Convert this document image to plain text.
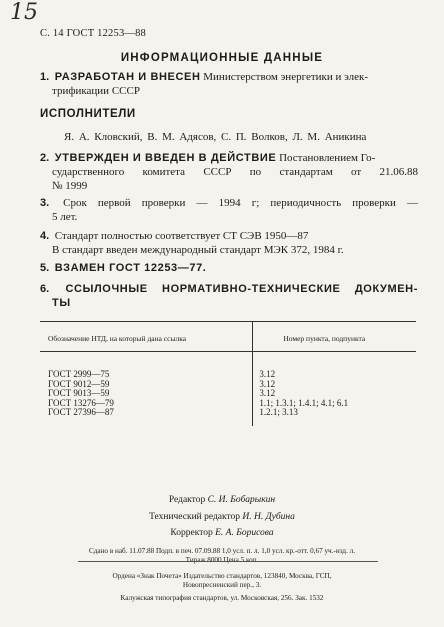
15
С. 14 ГОСТ 12253—88
ИНФОРМАЦИОННЫЕ ДАННЫЕ
1. РАЗРАБОТАН И ВНЕСЕН Министерством энергетики и элек-
трификации СССР
ИСПОЛНИТЕЛИ
Я. А. Кловский, В. М. Адясов, С. П. Волков, Л. М. Аникина
2. УТВЕРЖДЕН И ВВЕДЕН В ДЕЙСТВИЕ Постановлением Го-
сударственного комитета СССР по стандартам от 21.06.88
№ 1999
3. Срок первой проверки — 1994 г; периодичность проверки —
5 лет.
4. Стандарт полностью соответствует СТ СЭВ 1950—87
В стандарт введен международный стандарт МЭК 372, 1984 г.
5. ВЗАМЕН ГОСТ 12253—77.
6. ССЫЛОЧНЫЕ НОРМАТИВНО-ТЕХНИЧЕСКИЕ ДОКУМЕН-
ТЫ
Обозначение НТД, на который дана ссылка	Номер пункта, подпункта
ГОСТ 2999—75	3.12
ГОСТ 9012—59	3.12
ГОСТ 9013—59	3.12
ГОСТ 13276—79	1.1; 1.3.1; 1.4.1; 4.1; 6.1
ГОСТ 27396—87	1.2.1; 3.13
Редактор С. И. Бобарыкин
Технический редактор И. Н. Дубина
Корректор Е. А. Борисова
Сдано в наб. 11.07.88 Подп. в печ. 07.09.88 1,0 усл. п. л. 1,0 усл. кр.-отт. 0,67 уч.-изд. л.
Тираж 8000 Цена 5 коп.
Ордена «Знак Почета» Издательство стандартов, 123840, Москва, ГСП,
Новопресненский пер., 3.
Калужская типография стандартов, ул. Московская, 256. Зак. 1532
